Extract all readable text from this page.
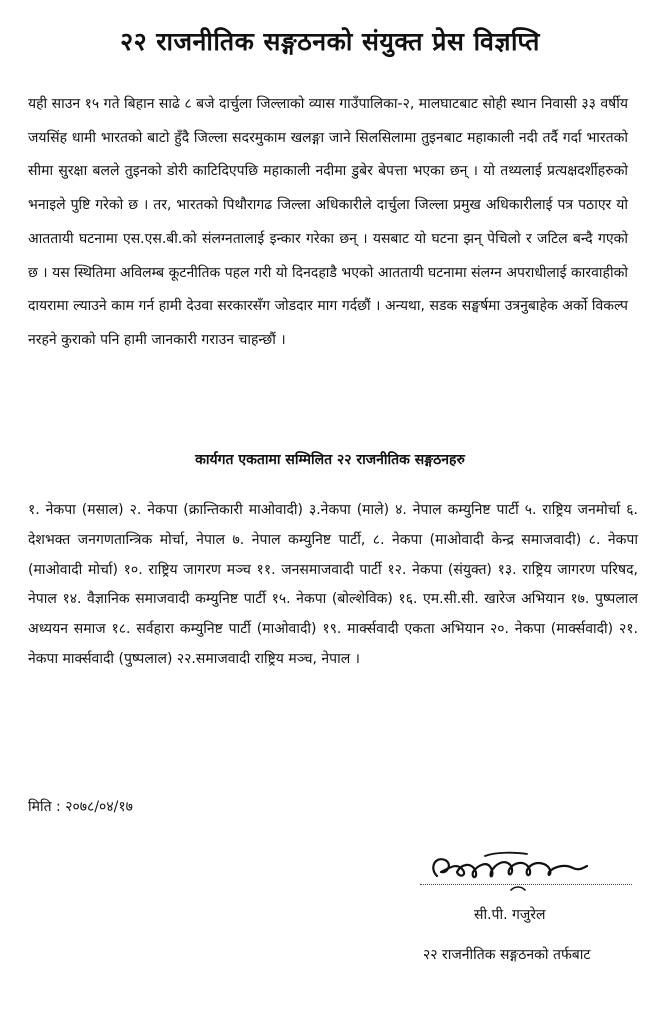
२२ राजनीतिक सङ्गठनको संयुक्त प्रेस विज्ञप्ति
यही साउन १५ गते बिहान साढे ८ बजे दार्चुला जिल्लाको व्यास गाउँपालिका-२, मालघाटबाट सोही स्थान निवासी ३३ वर्षीय जयसिंह धामी भारतको बाटो हुँदै जिल्ला सदरमुकाम खलङ्गा जाने सिलसिलामा तुइनबाट महाकाली नदी तर्दै गर्दा भारतको सीमा सुरक्षा बलले तुइनको डोरी काटिदिएपछि महाकाली नदीमा डुबेर बेपत्ता भएका छन् । यो तथ्यलाई प्रत्यक्षदर्शीहरुको भनाइले पुष्टि गरेको छ । तर, भारतको पिथौरागढ जिल्ला अधिकारीले दार्चुला जिल्ला प्रमुख अधिकारीलाई पत्र पठाएर यो आततायी घटनामा एस.एस.बी.को संलग्नतालाई इन्कार गरेका छन् । यसबाट यो घटना झन् पेचिलो र जटिल बन्दै गएको छ । यस स्थितिमा अविलम्ब कूटनीतिक पहल गरी यो दिनदहाडै भएको आततायी घटनामा संलग्न अपराधीलाई कारवाहीको दायरामा ल्याउने काम गर्न हामी देउवा सरकारसँग जोडदार माग गर्दछौं । अन्यथा, सडक सङ्घर्षमा उत्रनुबाहेक अर्को विकल्प नरहने कुराको पनि हामी जानकारी गराउन चाहन्छौं ।
कार्यगत एकतामा सम्मिलित २२ राजनीतिक सङ्गठनहरु
१. नेकपा (मसाल) २. नेकपा (क्रान्तिकारी माओवादी) ३.नेकपा (माले) ४. नेपाल कम्युनिष्ट पार्टी ५. राष्ट्रिय जनमोर्चा ६. देशभक्त जनगणतान्त्रिक मोर्चा, नेपाल ७. नेपाल कम्युनिष्ट पार्टी, ८. नेकपा (माओवादी केन्द्र समाजवादी) ८. नेकपा (माओवादी मोर्चा) १०. राष्ट्रिय जागरण मञ्च ११. जनसमाजवादी पार्टी १२. नेकपा (संयुक्त) १३. राष्ट्रिय जागरण परिषद, नेपाल १४. वैज्ञानिक समाजवादी कम्युनिष्ट पार्टी १५. नेकपा (बोल्शेविक) १६. एम.सी.सी. खारेज अभियान १७. पुष्पलाल अध्ययन समाज १८. सर्वहारा कम्युनिष्ट पार्टी (माओवादी) १९. मार्क्सवादी एकता अभियान २०. नेकपा (मार्क्सवादी) २१. नेकपा मार्क्सवादी (पुष्पलाल) २२.समाजवादी राष्ट्रिय मञ्च, नेपाल ।
मिति : २०७८/०४/१७
सी.पी. गजुरेल
२२ राजनीतिक सङ्गठनको तर्फबाट
